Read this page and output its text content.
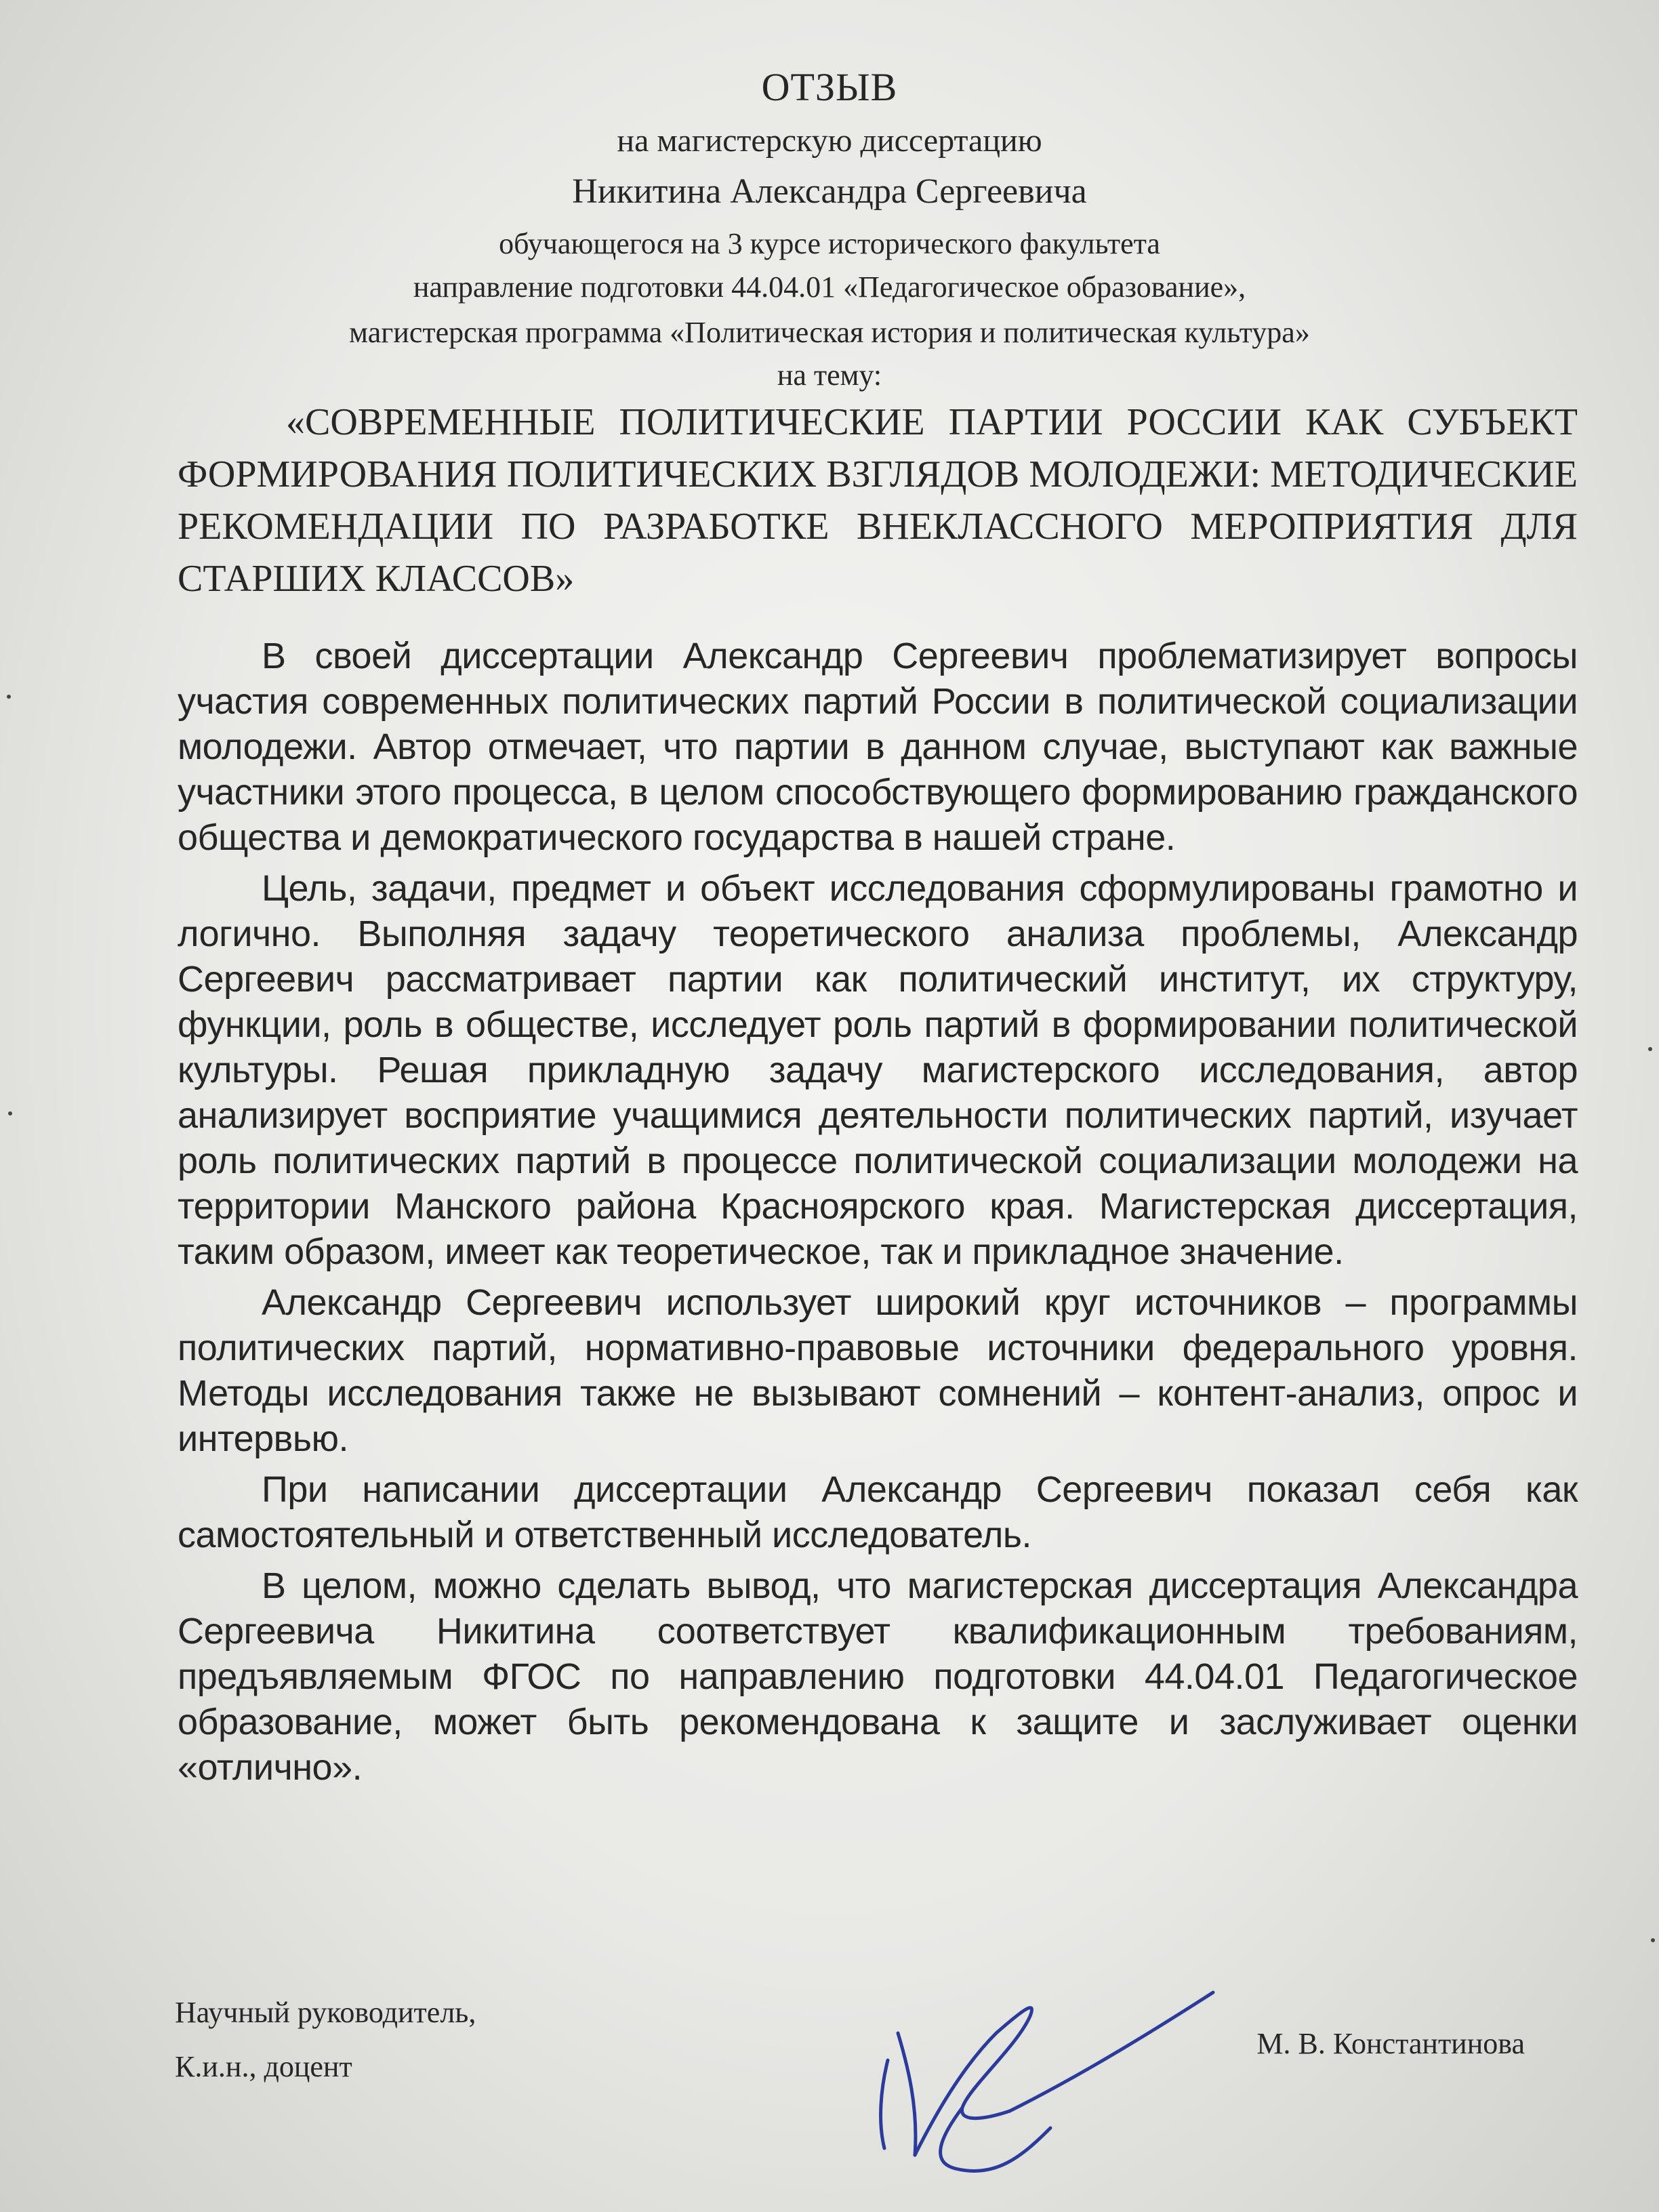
ОТЗЫВ
на магистерскую диссертацию
Никитина Александра Сергеевича
обучающегося на 3 курсе исторического факультета
направление подготовки 44.04.01 «Педагогическое образование»,
магистерская программа «Политическая история и политическая культура»
на тему:
«СОВРЕМЕННЫЕ ПОЛИТИЧЕСКИЕ ПАРТИИ РОССИИ КАК СУБЪЕКТ ФОРМИРОВАНИЯ ПОЛИТИЧЕСКИХ ВЗГЛЯДОВ МОЛОДЕЖИ: МЕТОДИЧЕСКИЕ РЕКОМЕНДАЦИИ ПО РАЗРАБОТКЕ ВНЕКЛАССНОГО МЕРОПРИЯТИЯ ДЛЯ СТАРШИХ КЛАССОВ»

В своей диссертации Александр Сергеевич проблематизирует вопросы участия современных политических партий России в политической социализации молодежи. Автор отмечает, что партии в данном случае, выступают как важные участники этого процесса, в целом способствующего формированию гражданского общества и демократического государства в нашей стране.

Цель, задачи, предмет и объект исследования сформулированы грамотно и логично. Выполняя задачу теоретического анализа проблемы, Александр Сергеевич рассматривает партии как политический институт, их структуру, функции, роль в обществе, исследует роль партий в формировании политической культуры. Решая прикладную задачу магистерского исследования, автор анализирует восприятие учащимися деятельности политических партий, изучает роль политических партий в процессе политической социализации молодежи на территории Манского района Красноярского края. Магистерская диссертация, таким образом, имеет как теоретическое, так и прикладное значение.

Александр Сергеевич использует широкий круг источников – программы политических партий, нормативно-правовые источники федерального уровня. Методы исследования также не вызывают сомнений – контент-анализ, опрос и интервью.

При написании диссертации Александр Сергеевич показал себя как самостоятельный и ответственный исследователь.

В целом, можно сделать вывод, что магистерская диссертация Александра Сергеевича Никитина соответствует квалификационным требованиям, предъявляемым ФГОС по направлению подготовки 44.04.01 Педагогическое образование, может быть рекомендована к защите и заслуживает оценки «отлично».

Научный руководитель,
К.и.н., доцент
М. В. Константинова
